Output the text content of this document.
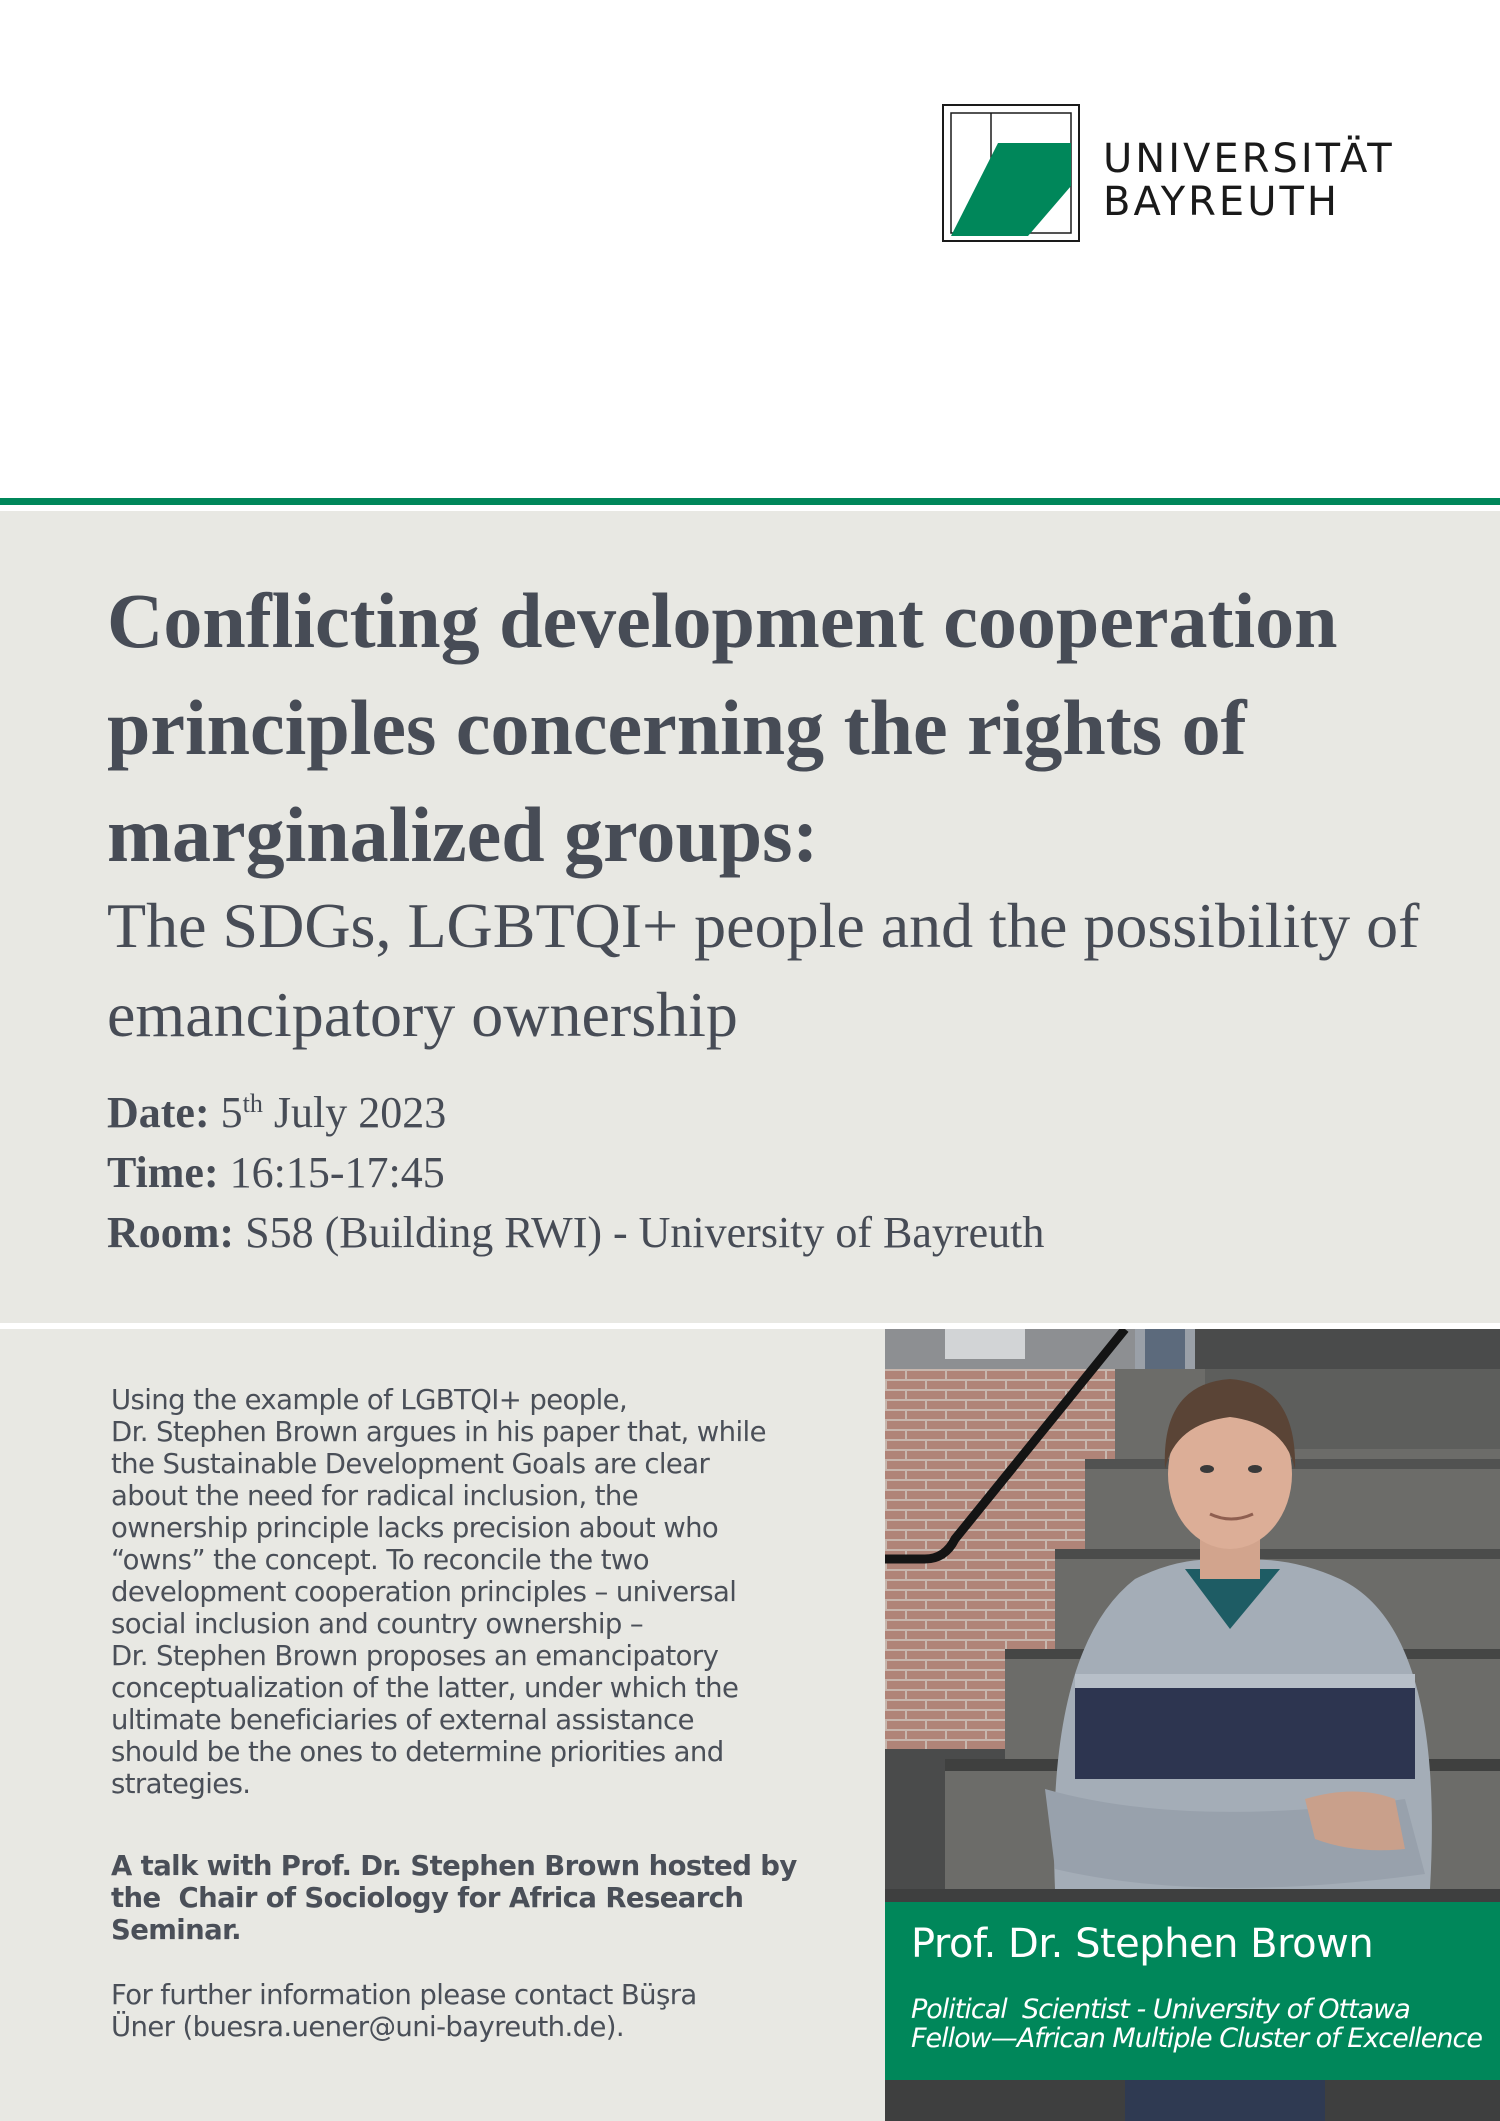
UNIVERSITÄT
BAYREUTH
Conflicting development cooperation principles concerning the rights of marginalized groups:
The SDGs, LGBTQI+ people and the possibility of emancipatory ownership
Date: 5th July 2023
Time: 16:15-17:45
Room: S58 (Building RWI) - University of Bayreuth

Using the example of LGBTQI+ people,
Dr. Stephen Brown argues in his paper that, while
the Sustainable Development Goals are clear
about the need for radical inclusion, the
ownership principle lacks precision about who
“owns” the concept. To reconcile the two
development cooperation principles – universal
social inclusion and country ownership –
Dr. Stephen Brown proposes an emancipatory
conceptualization of the latter, under which the
ultimate beneficiaries of external assistance
should be the ones to determine priorities and
strategies.

A talk with Prof. Dr. Stephen Brown hosted by
the  Chair of Sociology for Africa Research
Seminar.

For further information please contact Büşra
Üner (buesra.uener@uni-bayreuth.de).

Prof. Dr. Stephen Brown
Political  Scientist - University of Ottawa
Fellow—African Multiple Cluster of Excellence
